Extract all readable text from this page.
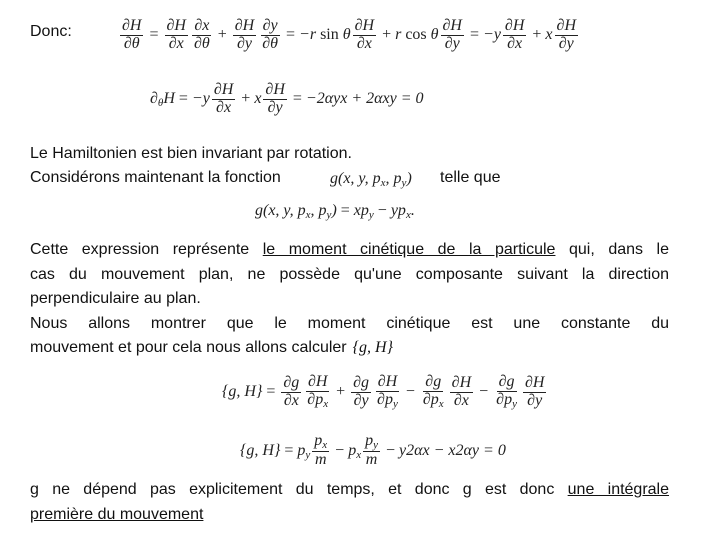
Donc:	$\frac{\partial H}{\partial\theta} = \frac{\partial H}{\partial x} \frac{\partial x}{\partial\theta} + \frac{\partial H}{\partial y} \frac{\partial y}{\partial\theta} = -r$ sin θ $\frac{\partial H}{\partial x} + r$ cos θ $\frac{\partial H}{\partial y} = -y \frac{\partial H}{\partial x} + x \frac{\partial H}{\partial y}$
$\partial_\theta H = -y \frac{\partial H}{\partial x} + x \frac{\partial H}{\partial y} = -2\alpha yx + 2\alpha xy = 0$

Le Hamiltonien est bien invariant par rotation.

Considérons maintenant la fonction	g(x, y, $p_x$, $p_y$) telle que

g(x, y, $p_x$, $p_y) = xp_y - yp_x$.

Cette expression représente le moment cinétique de la particule qui, dans le

cas du mouvement plan, ne possède qu'une composante suivant la direction

perpendiculaire au plan.

Nous allons montrer que le moment cinétique est une constante du

mouvement et pour cela nous allons calculer {g, H}

{g, $H\} = \frac{\partial g}{\partial x} \frac{\partial H}{\partial p_x} + \frac{\partial g}{\partial y} \frac{\partial H}{\partial p_y} - \frac{\partial g}{\partial p_x} \frac{\partial H}{\partial x} - \frac{\partial g}{\partial p_y} \frac{\partial H}{\partial y}$
{g, $H\} = p_y \frac{p_x}{m} - p_x \frac{p_y}{m} - y2\alpha x - x2\alpha y = 0$

g ne dépend pas explicitement du temps, et donc g est donc une intégrale

première du mouvement
